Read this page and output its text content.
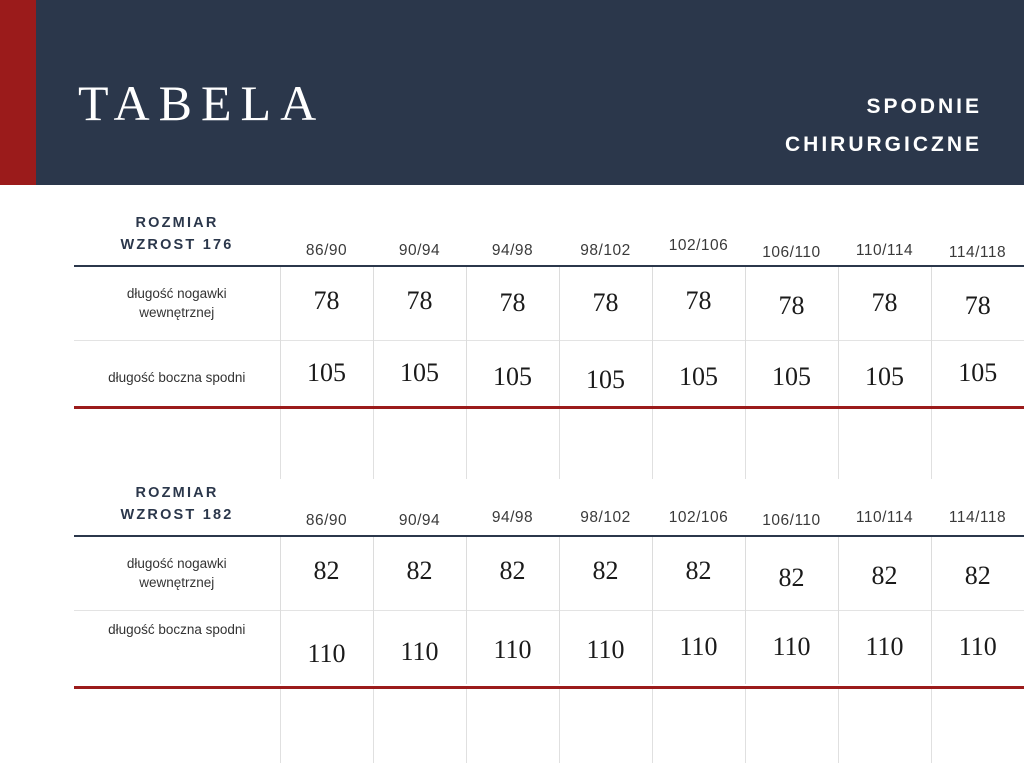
TABELA	SPODNIE
CHIRURGICZNE
ROZMIAR
WZROST 176	86/90	90/94	94/98	98/102	102/106	106/110	110/114	114/118
długość nogawki
wewnętrznej	78	78	78	78	78	78	78	78
długość boczna spodni	105	105	105	105	105	105	105	105
ROZMIAR
WZROST 182	86/90	90/94	94/98	98/102	102/106	106/110	110/114	114/118
długość nogawki
wewnętrznej	82	82	82	82	82	82	82	82

długość boczna spodni	110	110	110	110	110	110	110	110
